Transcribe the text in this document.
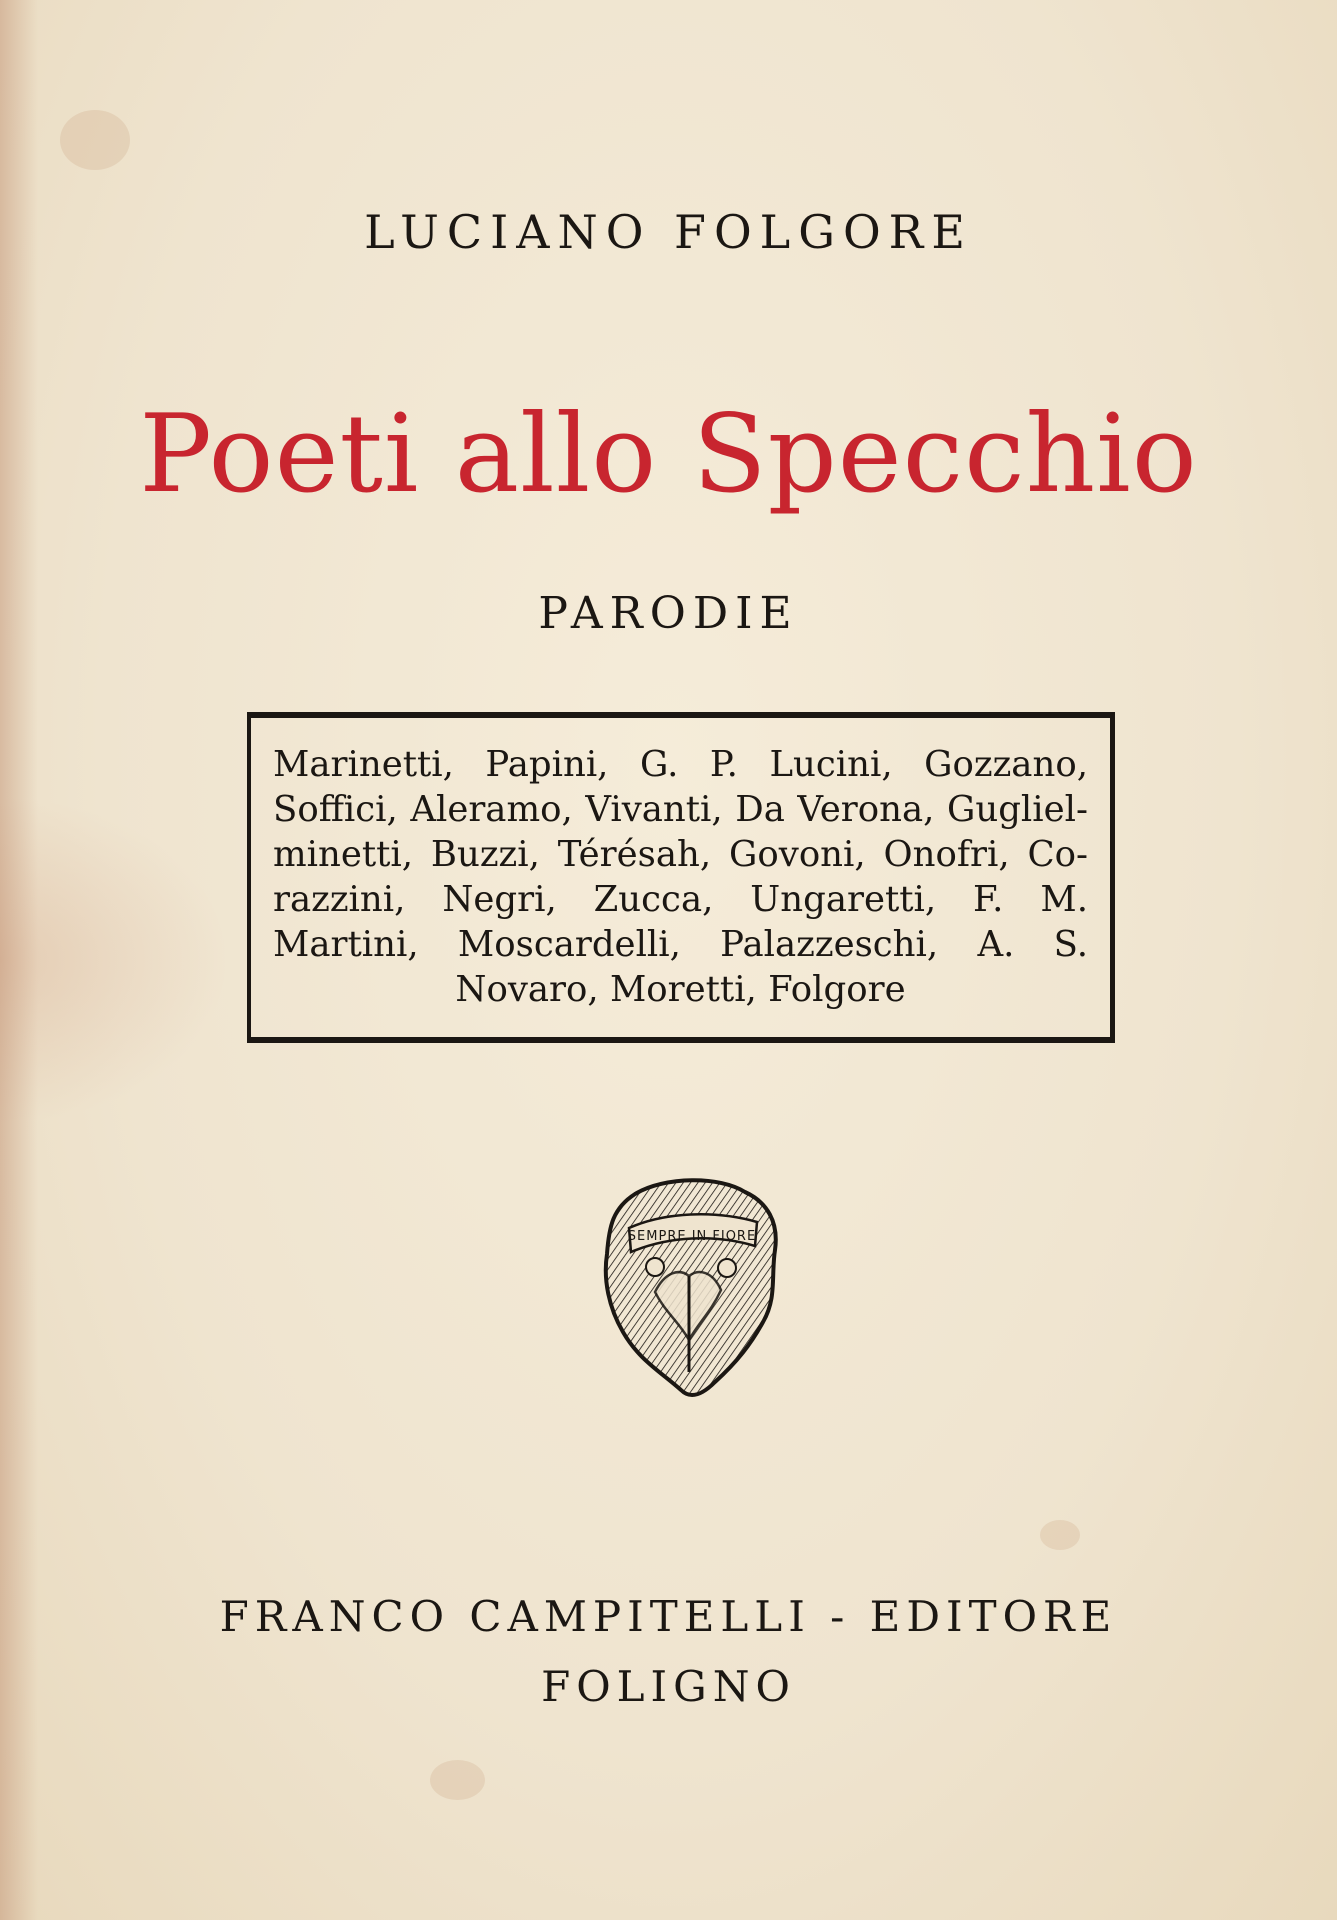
LUCIANO FOLGORE
Poeti allo Specchio
PARODIE
Marinetti, Papini, G. P. Lucini, Gozzano, Soffici, Aleramo, Vivanti, Da Verona, Gugliel-minetti, Buzzi, Térésah, Govoni, Onofri, Co-razzini, Negri, Zucca, Ungaretti, F. M. Martini, Moscardelli, Palazzeschi, A. S. Novaro, Moretti, Folgore
SEMPRE IN FIORE
FRANCO CAMPITELLI - EDITORE
FOLIGNO
